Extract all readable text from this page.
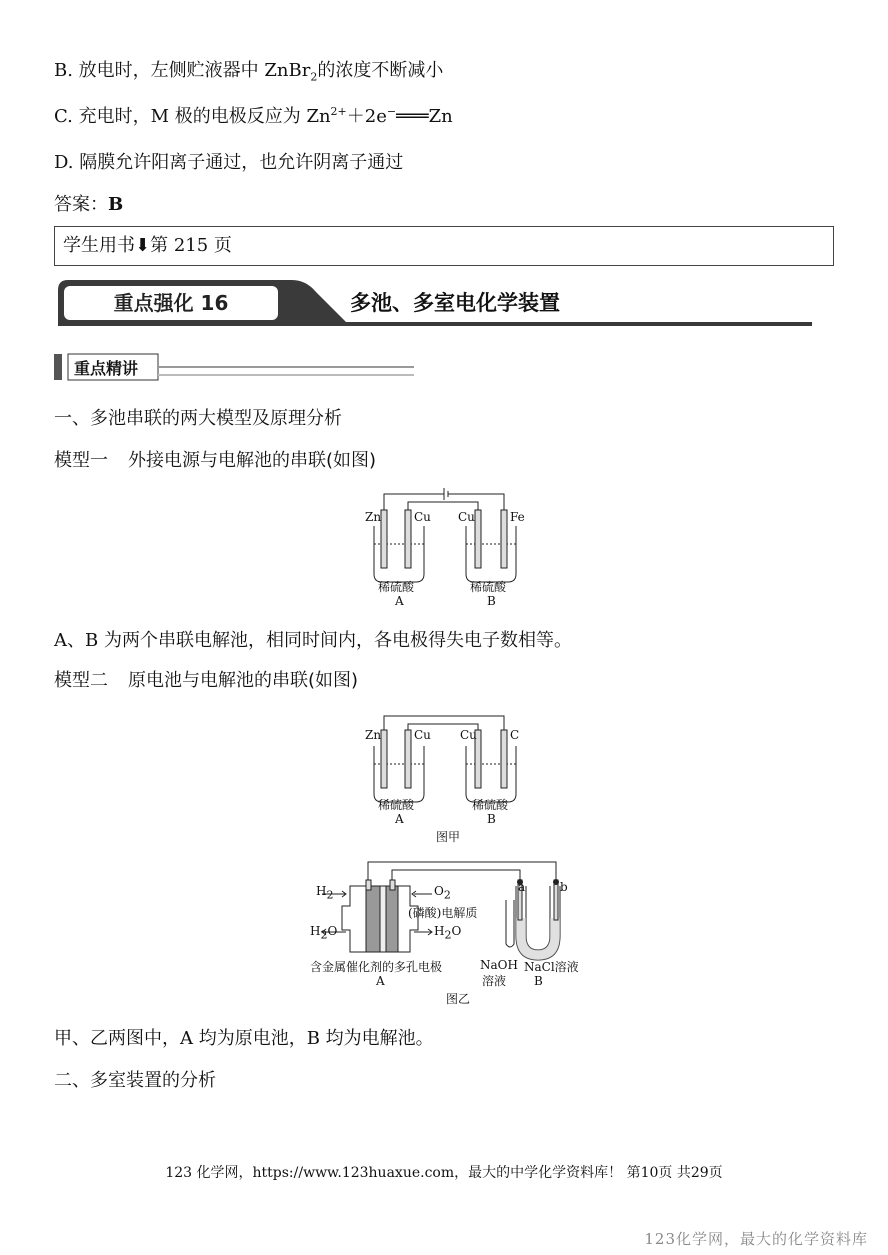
B. 放电时，左侧贮液器中 ZnBr$_2$的浓度不断减小
C. 充电时，M 极的电极反应为 $Zn^{2+}+2e^-═══Zn$
D. 隔膜允许阳离子通过，也允许阴离子通过
答案：B
学生用书⬇第 215 页
重点强化 16	多池、多室电化学装置
重点精讲
一、多池串联的两大模型及原理分析
模型一 外接电源与电解池的串联(如图)
Zn	Cu Cu	Fe
稀硫酸	稀硫酸
A	B
A、B 为两个串联电解池，相同时间内，各电极得失电子数相等。
模型二 原电池与电解池的串联(如图)
Zn	Cu Cu	C
稀硫酸	稀硫酸
A	B
图甲
$H_2$	$O_2$
(磷酸)电解质
$H_2O$	$H_2O$
a	b
含金属催化剂的多孔电极
A
NaOH
溶液
NaCl溶液
B
图乙
甲、乙两图中，A 均为原电池，B 均为电解池。
二、多室装置的分析
123 化学网，https://www.123huaxue.com，最大的中学化学资料库！ 第10页 共29页
123化学网，最大的化学资料库
